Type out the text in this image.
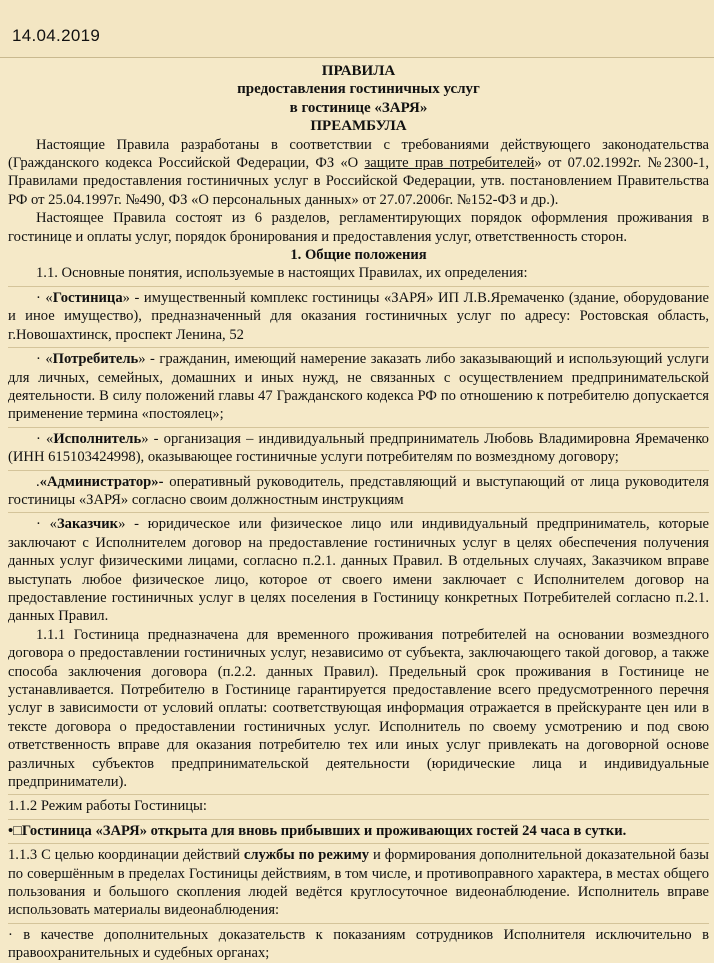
14.04.2019

ПРАВИЛА

предоставления гостиничных услуг

в гостинице «ЗАРЯ»

ПРЕАМБУЛА

Настоящие Правила разработаны в соответствии с требованиями действующего законодательства (Гражданского кодекса Российской Федерации, ФЗ «О защите прав потребителей» от 07.02.1992г. №2300-1, Правилами предоставления гостиничных услуг в Российской Федерации, утв. постановлением Правительства РФ от 25.04.1997г. №490, ФЗ «О персональных данных» от 27.07.2006г. №152-ФЗ и др.).

Настоящее Правила состоят из 6 разделов, регламентирующих порядок оформления проживания в гостинице и оплаты услуг, порядок бронирования и предоставления услуг, ответственность сторон.

1. Общие положения

1.1. Основные понятия, используемые в настоящих Правилах, их определения:

· «Гостиница» - имущественный комплекс гостиницы «ЗАРЯ» ИП Л.В.Яремаченко (здание, оборудование и иное имущество), предназначенный для оказания гостиничных услуг по адресу: Ростовская область, г.Новошахтинск, проспект Ленина, 52

· «Потребитель» - гражданин, имеющий намерение заказать либо заказывающий и использующий услуги для личных, семейных, домашних и иных нужд, не связанных с осуществлением предпринимательской деятельности. В силу положений главы 47 Гражданского кодекса РФ по отношению к потребителю допускается применение термина «постоялец»;

· «Исполнитель» - организация – индивидуальный предприниматель Любовь Владимировна Яремаченко (ИНН 615103424998), оказывающее гостиничные услуги потребителям по возмездному договору;

.«Администратор»- оперативный руководитель, представляющий и выступающий от лица руководителя гостиницы «ЗАРЯ» согласно своим должностным инструкциям

· «Заказчик» - юридическое или физическое лицо или индивидуальный предприниматель, которые заключают с Исполнителем договор на предоставление гостиничных услуг в целях обеспечения получения данных услуг физическими лицами, согласно п.2.1. данных Правил. В отдельных случаях, Заказчиком вправе выступать любое физическое лицо, которое от своего имени заключает с Исполнителем договор на предоставление гостиничных услуг в целях поселения в Гостиницу конкретных Потребителей согласно п.2.1. данных Правил.

1.1.1 Гостиница предназначена для временного проживания потребителей на основании возмездного договора о предоставлении гостиничных услуг, независимо от субъекта, заключающего такой договор, а также способа заключения договора (п.2.2. данных Правил). Предельный срок проживания в Гостинице не устанавливается. Потребителю в Гостинице гарантируется предоставление всего предусмотренного перечня услуг в зависимости от условий оплаты: соответствующая информация отражается в прейскуранте цен или в тексте договора о предоставлении гостиничных услуг. Исполнитель по своему усмотрению и под свою ответственность вправе для оказания потребителю тех или иных услуг привлекать на договорной основе различных субъектов предпринимательской деятельности (юридические лица и индивидуальные предприниматели).

1.1.2 Режим работы Гостиницы:

•□Гостиница «ЗАРЯ» открыта для вновь прибывших и проживающих гостей 24 часа в сутки.

1.1.3 С целью координации действий службы по режиму и формирования дополнительной доказательной базы по совершённым в пределах Гостиницы действиям, в том числе, и противоправного характера, в местах общего пользования и большого скопления людей ведётся круглосуточное видеонаблюдение. Исполнитель вправе использовать материалы видеонаблюдения:

· в качестве дополнительных доказательств к показаниям сотрудников Исполнителя исключительно в правоохранительных и судебных органах;
